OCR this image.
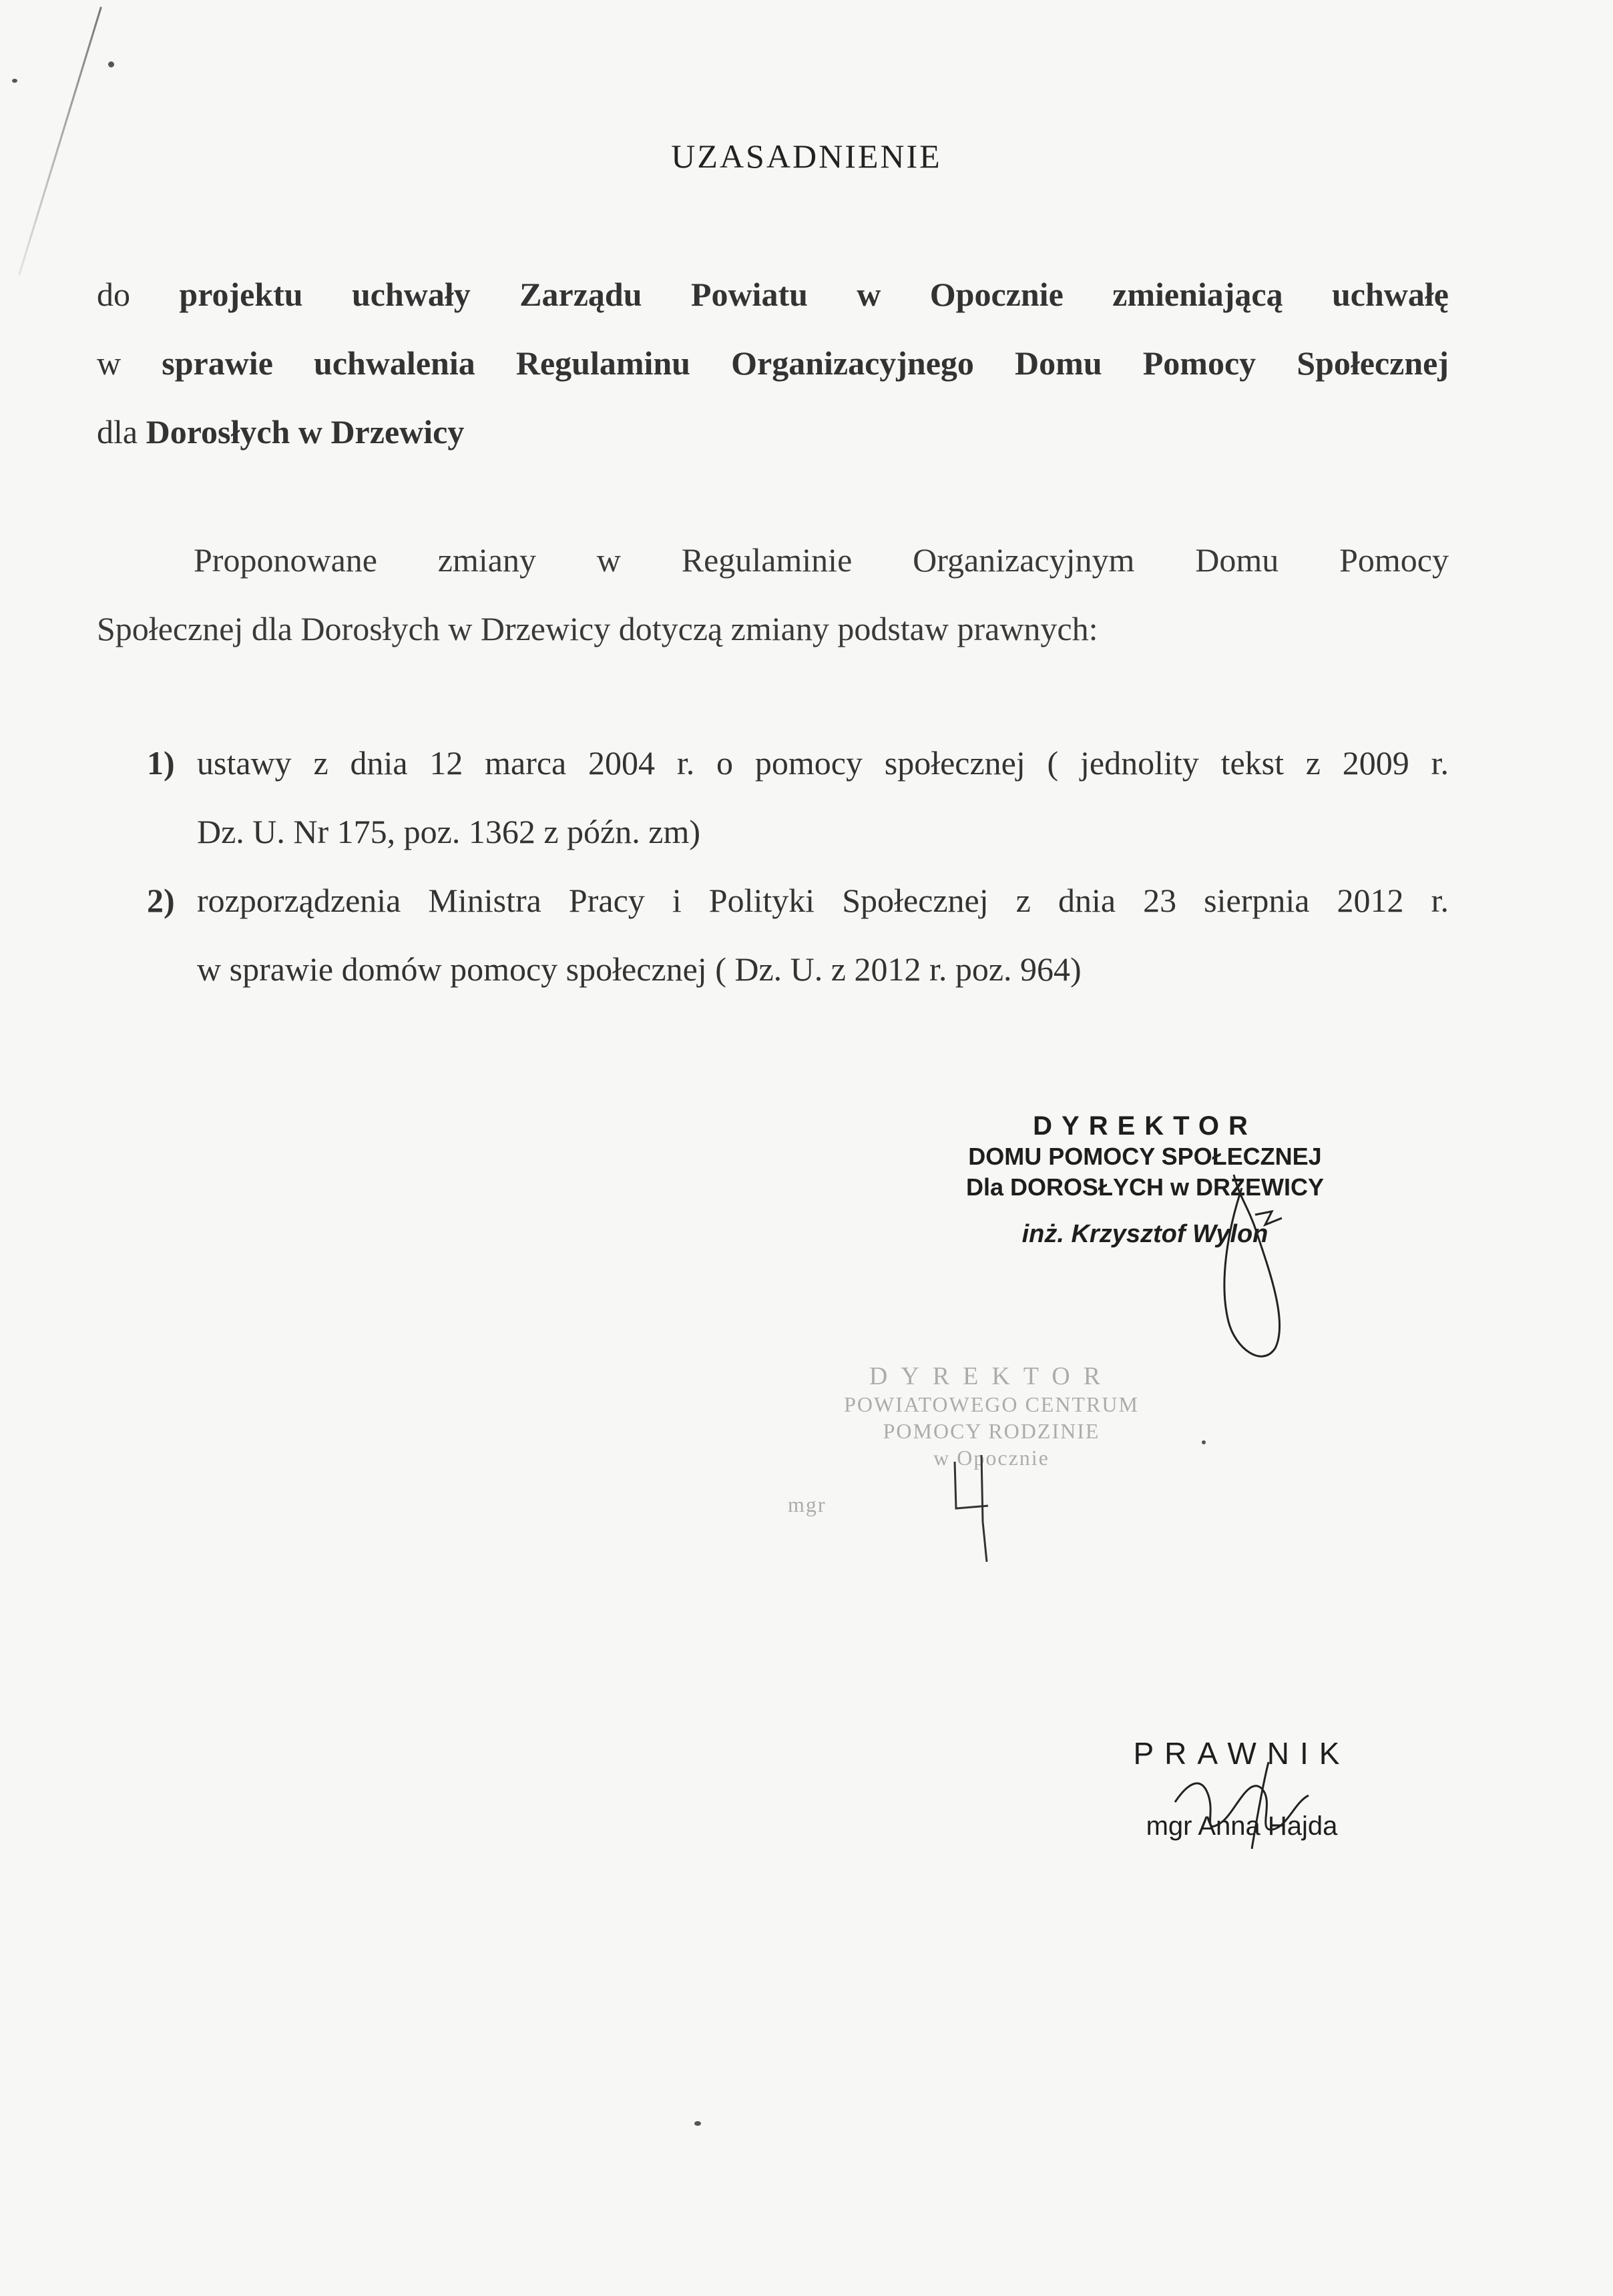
UZASADNIENIE
do projektu uchwały Zarządu Powiatu w Opocznie zmieniającą uchwałę
w sprawie uchwalenia Regulaminu Organizacyjnego Domu Pomocy Społecznej
dla Dorosłych w Drzewicy
Proponowane zmiany w Regulaminie Organizacyjnym Domu Pomocy
Społecznej dla Dorosłych w Drzewicy dotyczą zmiany podstaw prawnych:
1) ustawy z dnia 12 marca 2004 r. o pomocy społecznej ( jednolity tekst z 2009 r.
Dz. U. Nr 175, poz. 1362 z późn. zm)
2) rozporządzenia Ministra Pracy i Polityki Społecznej z dnia 23 sierpnia 2012 r.
w sprawie domów pomocy społecznej ( Dz. U. z 2012 r. poz. 964)
DYREKTOR
DOMU POMOCY SPOŁECZNEJ
Dla DOROSŁYCH w DRZEWICY
inż. Krzysztof Wylon
DYREKTOR
POWIATOWEGO CENTRUM
POMOCY RODZINIE
w Opocznie
mgr
PRAWNIK
mgr Anna Hajda
